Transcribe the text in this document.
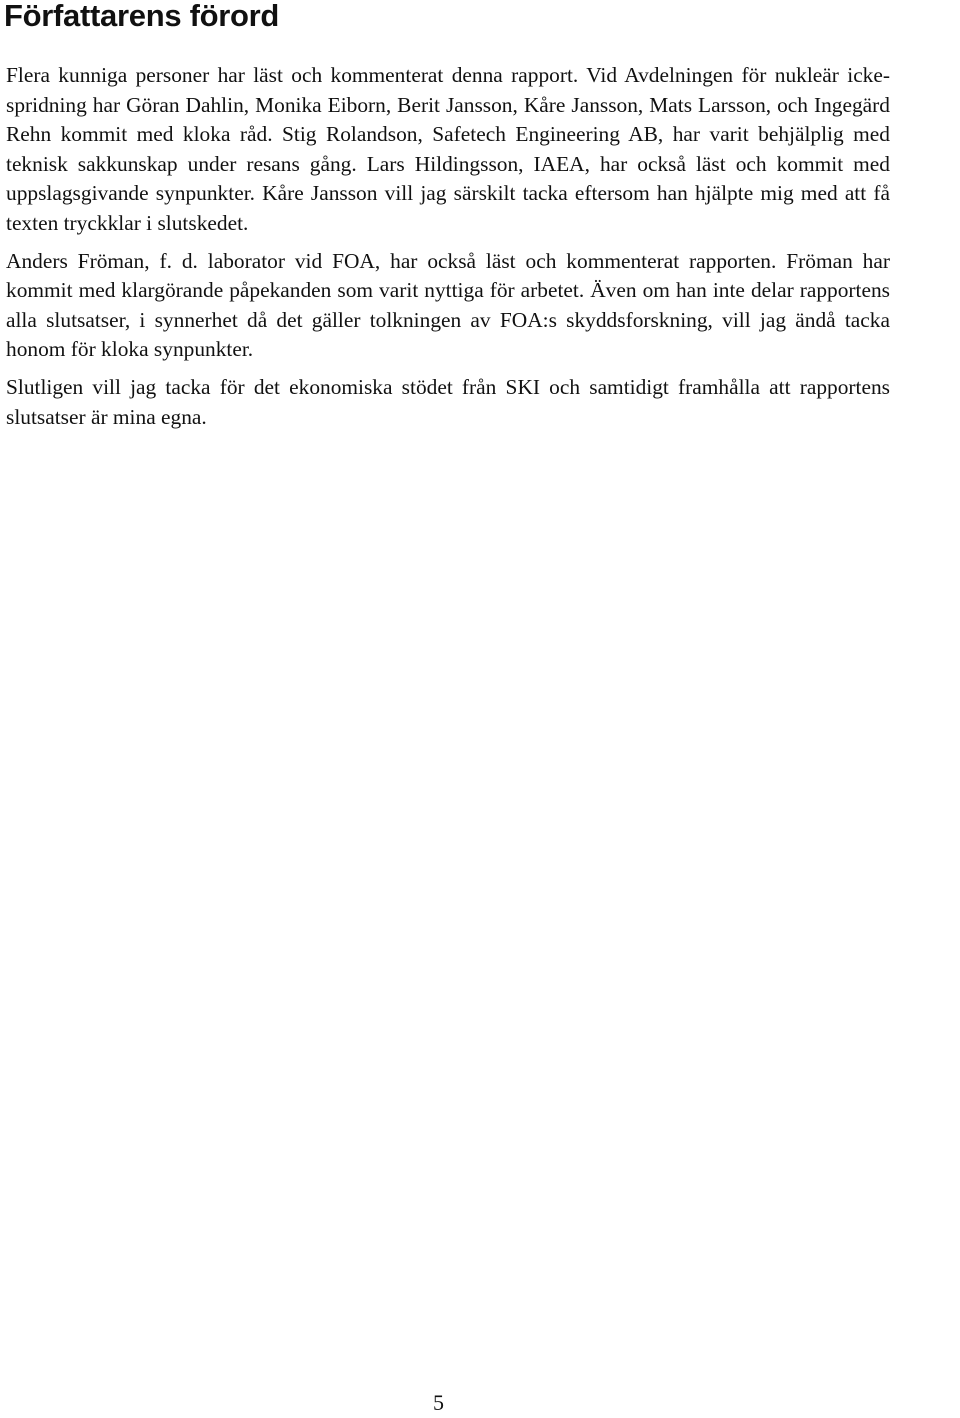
Författarens förord

Flera kunniga personer har läst och kommenterat denna rapport. Vid Avdelningen för nukleär icke-spridning har Göran Dahlin, Monika Eiborn, Berit Jansson, Kåre Jansson, Mats Larsson, och Ingegärd Rehn kommit med kloka råd. Stig Rolandson, Safetech Engineering AB, har varit behjälplig med teknisk sakkunskap under resans gång. Lars Hildingsson, IAEA, har också läst och kommit med uppslagsgivande synpunkter. Kåre Jansson vill jag särskilt tacka eftersom han hjälpte mig med att få texten tryckklar i slutskedet.

Anders Fröman, f. d. laborator vid FOA, har också läst och kommenterat rapporten. Fröman har kommit med klargörande påpekanden som varit nyttiga för arbetet. Även om han inte delar rapportens alla slutsatser, i synnerhet då det gäller tolkningen av FOA:s skyddsforskning, vill jag ändå tacka honom för kloka synpunkter.

Slutligen vill jag tacka för det ekonomiska stödet från SKI och samtidigt framhålla att rapportens slutsatser är mina egna.

5
